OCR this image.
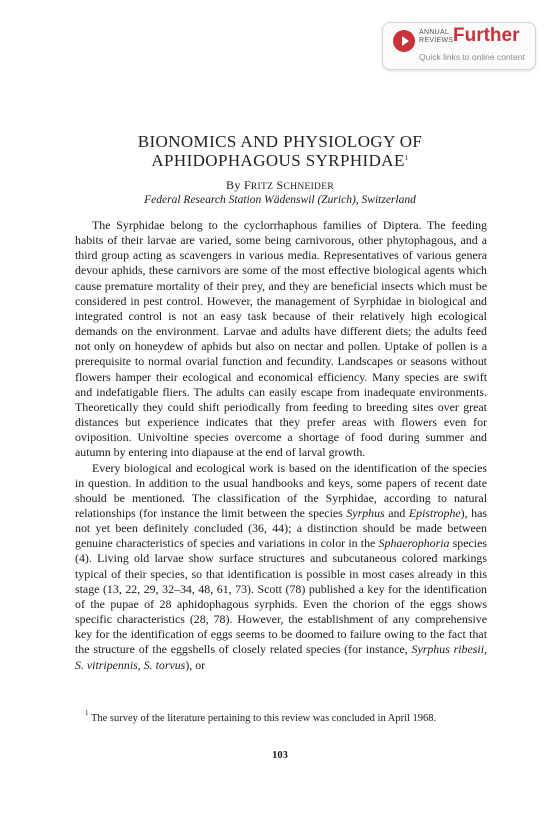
ANNUAL
REVIEWS Further
Quick links to online content
BIONOMICS AND PHYSIOLOGY OF
APHIDOPHAGOUS SYRPHIDAE$^1$
By FRITZ SCHNEIDER
Federal Research Station Wädenswil (Zurich), Switzerland

The Syrphidae belong to the cyclorrhaphous families of Diptera. The feeding habits of their larvae are varied, some being carnivorous, other phytophagous, and a third group acting as scavengers in various media. Representatives of various genera devour aphids, these carnivors are some of the most effective biological agents which cause premature mortality of their prey, and they are beneficial insects which must be considered in pest control. However, the management of Syrphidae in biological and integrated control is not an easy task because of their relatively high ecological demands on the environment. Larvae and adults have different diets; the adults feed not only on honeydew of aphids but also on nectar and pollen. Uptake of pollen is a prerequisite to normal ovarial function and fecundity. Landscapes or seasons without flowers hamper their ecological and economical efficiency. Many species are swift and indefatigable fliers. The adults can easily escape from inadequate environments. Theoretically they could shift periodically from feeding to breeding sites over great distances but experience indicates that they prefer areas with flowers even for oviposition. Univoltine species overcome a shortage of food during summer and autumn by entering into diapause at the end of larval growth.

Every biological and ecological work is based on the identification of the species in question. In addition to the usual handbooks and keys, some papers of recent date should be mentioned. The classification of the Syrphidae, according to natural relationships (for instance the limit between the species Syrphus and Epistrophe), has not yet been definitely concluded (36, 44); a distinction should be made between genuine characteristics of species and variations in color in the Sphaerophoria species (4). Living old larvae show surface structures and subcutaneous colored markings typical of their species, so that identification is possible in most cases already in this stage (13, 22, 29, 32–34, 48, 61, 73). Scott (78) published a key for the identification of the pupae of 28 aphidophagous syrphids. Even the chorion of the eggs shows specific characteristics (28, 78). However, the establishment of any comprehensive key for the identification of eggs seems to be doomed to failure owing to the fact that the structure of the eggshells of closely related species (for instance, Syrphus ribesii, S. vitripennis, S. torvus), or

$^1$ The survey of the literature pertaining to this review was concluded in April 1968.

103
